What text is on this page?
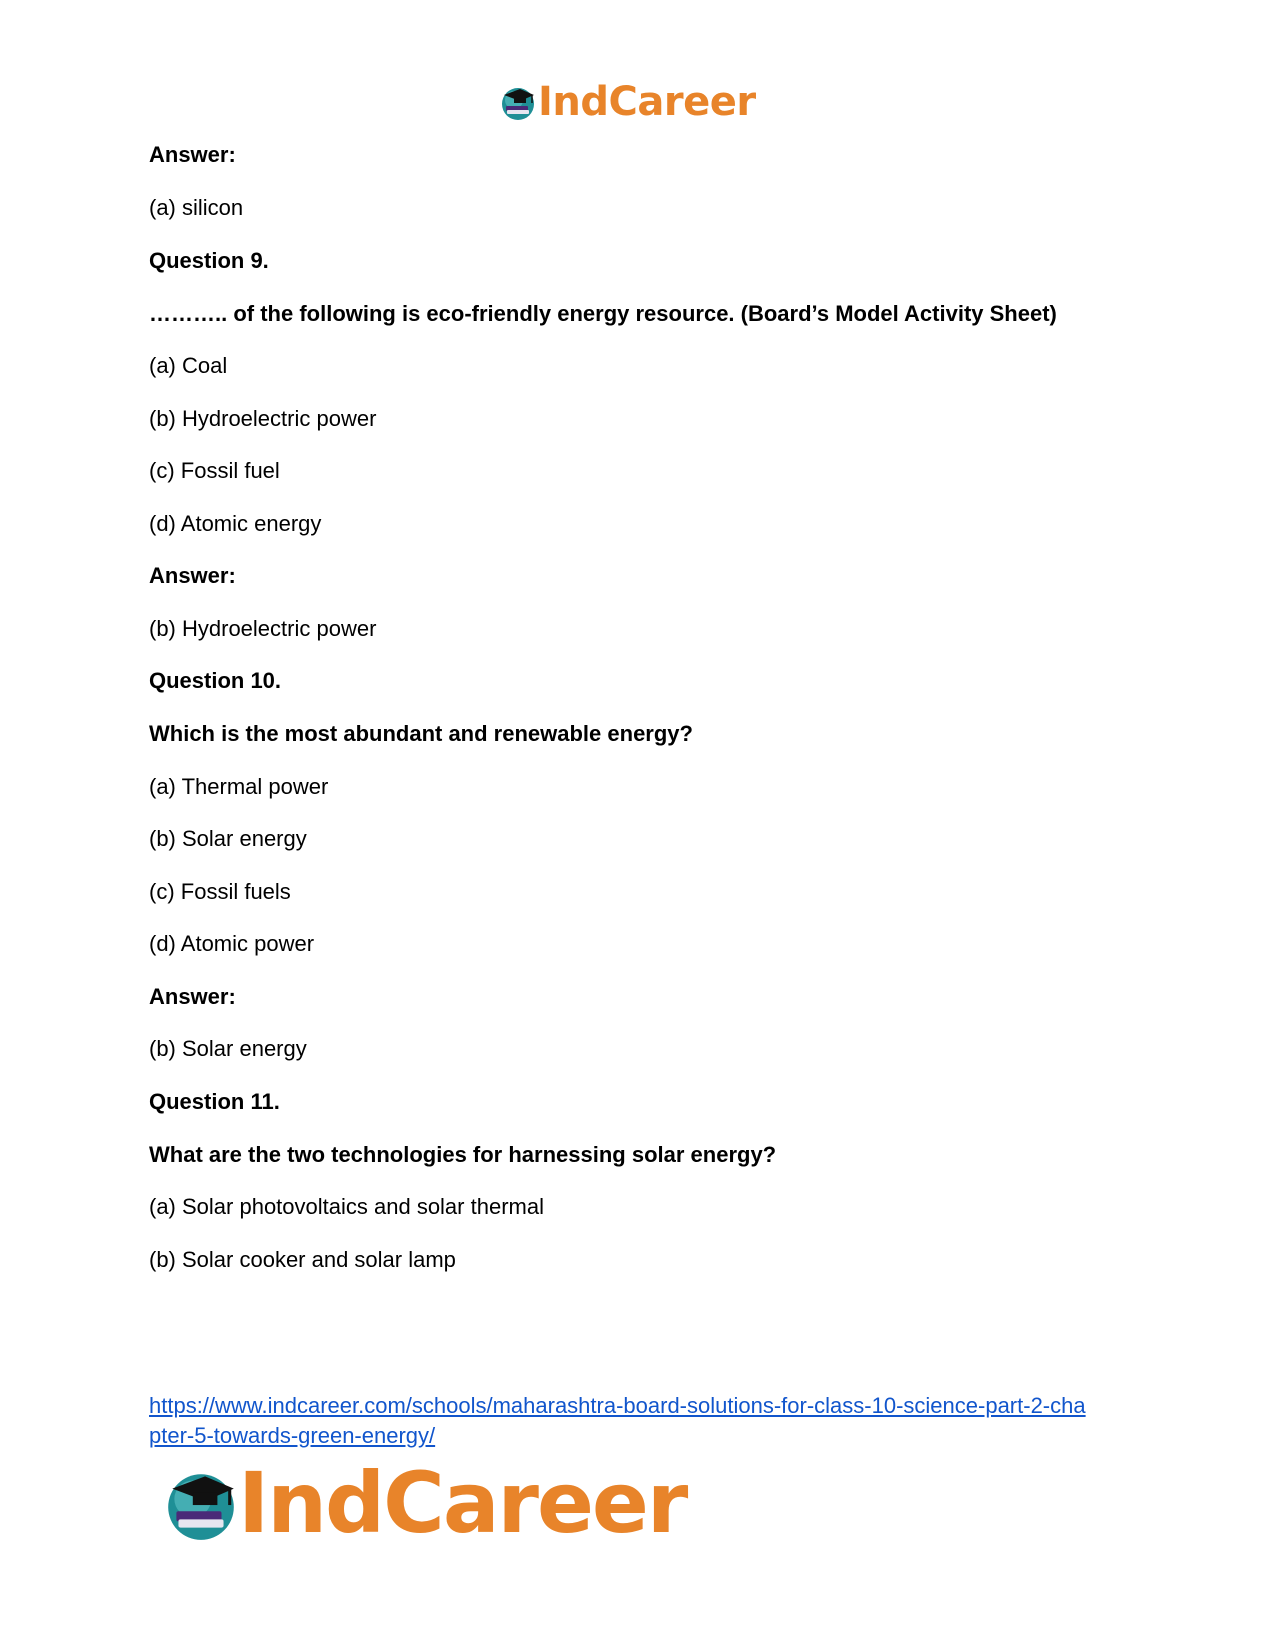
IndCareer
Answer:
(a) silicon
Question 9.
……….. of the following is eco-friendly energy resource. (Board’s Model Activity Sheet)
(a) Coal
(b) Hydroelectric power
(c) Fossil fuel
(d) Atomic energy
Answer:
(b) Hydroelectric power
Question 10.
Which is the most abundant and renewable energy?
(a) Thermal power
(b) Solar energy
(c) Fossil fuels
(d) Atomic power
Answer:
(b) Solar energy
Question 11.
What are the two technologies for harnessing solar energy?
(a) Solar photovoltaics and solar thermal
(b) Solar cooker and solar lamp
https://www.indcareer.com/schools/maharashtra-board-solutions-for-class-10-science-part-2-cha
pter-5-towards-green-energy/
IndCareer
